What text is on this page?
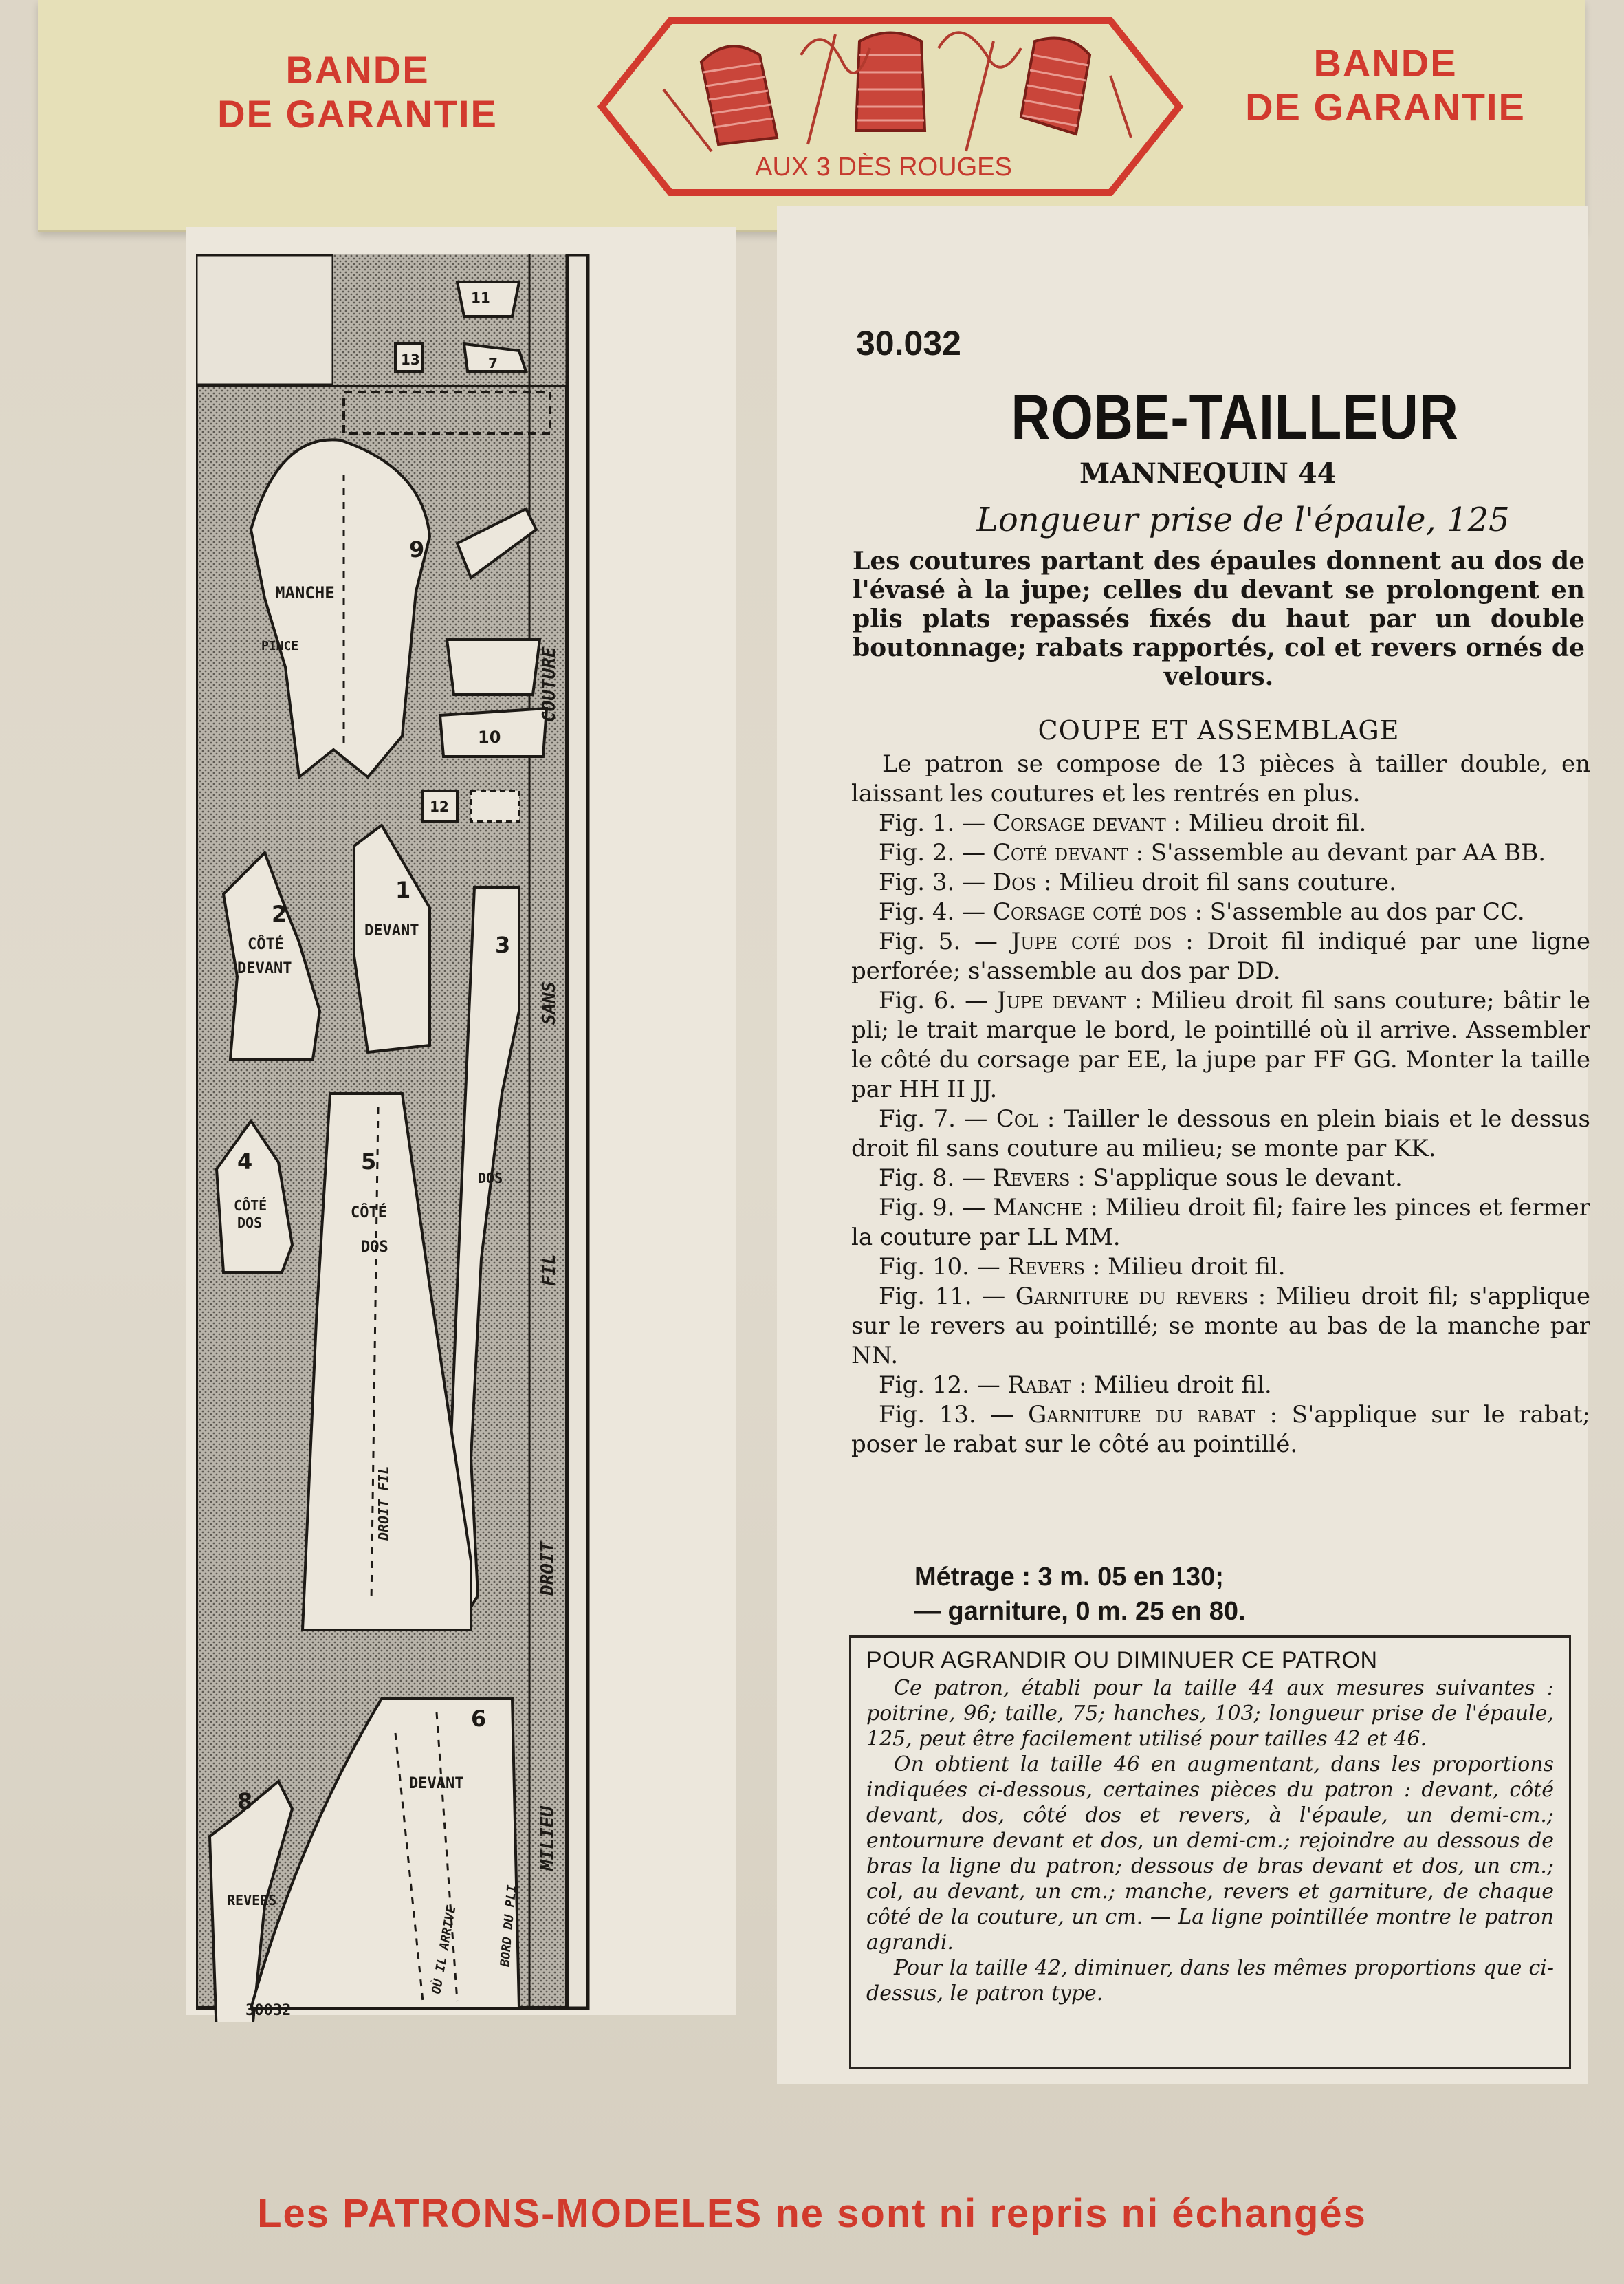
BANDE
DE GARANTIE
AUX 3 DÈS ROUGES
BANDE
DE GARANTIE
MANCHE
PINCE
CÔTÉ
DEVANT
DEVANT
CÔTÉ
DOS
CÔTÉ
DOS
DOS
REVERS
DEVANT
30032
COUTURE
SANS
FIL
DROIT
MILIEU
DROIT FIL
OÙ IL ARRIVE	BORD DU PLI
9
11
13	7
10
12
2
1
3
4	5
6
8
30.032
ROBE-TAILLEUR
MANNEQUIN 44
Longueur prise de l'épaule, 125
Les coutures partant des épaules donnent au dos de l'évasé à la jupe; celles du devant se prolongent en plis plats repassés fixés du haut par un double boutonnage; rabats rapportés, col et revers ornés de velours.
COUPE ET ASSEMBLAGE

Le patron se compose de 13 pièces à tailler double, en laissant les coutures et les rentrés en plus.

Fig. 1. — Corsage devant : Milieu droit fil.

Fig. 2. — Coté devant : S'assemble au devant par AA BB.

Fig. 3. — Dos : Milieu droit fil sans couture.

Fig. 4. — Corsage coté dos : S'assemble au dos par CC.

Fig. 5. — Jupe coté dos : Droit fil indiqué par une ligne perforée; s'assemble au dos par DD.

Fig. 6. — Jupe devant : Milieu droit fil sans couture; bâtir le pli; le trait marque le bord, le pointillé où il arrive. Assembler le côté du corsage par EE, la jupe par FF GG. Monter la taille par HH II JJ.

Fig. 7. — Col : Tailler le dessous en plein biais et le dessus droit fil sans couture au milieu; se monte par KK.

Fig. 8. — Revers : S'applique sous le devant.

Fig. 9. — Manche : Milieu droit fil; faire les pinces et fermer la couture par LL MM.

Fig. 10. — Revers : Milieu droit fil.

Fig. 11. — Garniture du revers : Milieu droit fil; s'applique sur le revers au pointillé; se monte au bas de la manche par NN.

Fig. 12. — Rabat : Milieu droit fil.

Fig. 13. — Garniture du rabat : S'applique sur le rabat; poser le rabat sur le côté au pointillé.

Métrage : 3 m. 05 en 130;
— garniture, 0 m. 25 en 80.
POUR AGRANDIR OU DIMINUER CE PATRON

Ce patron, établi pour la taille 44 aux mesures suivantes : poitrine, 96; taille, 75; hanches, 103; longueur prise de l'épaule, 125, peut être facilement utilisé pour tailles 42 et 46.

On obtient la taille 46 en augmentant, dans les proportions indiquées ci-dessous, certaines pièces du patron : devant, côté devant, dos, côté dos et revers, à l'épaule, un demi-cm.; entournure devant et dos, un demi-cm.; rejoindre au dessous de bras la ligne du patron; dessous de bras devant et dos, un cm.; col, au devant, un cm.; manche, revers et garniture, de chaque côté de la couture, un cm. — La ligne pointillée montre le patron agrandi.

Pour la taille 42, diminuer, dans les mêmes proportions que ci-dessus, le patron type.

Les PATRONS-MODELES ne sont ni repris ni échangés
